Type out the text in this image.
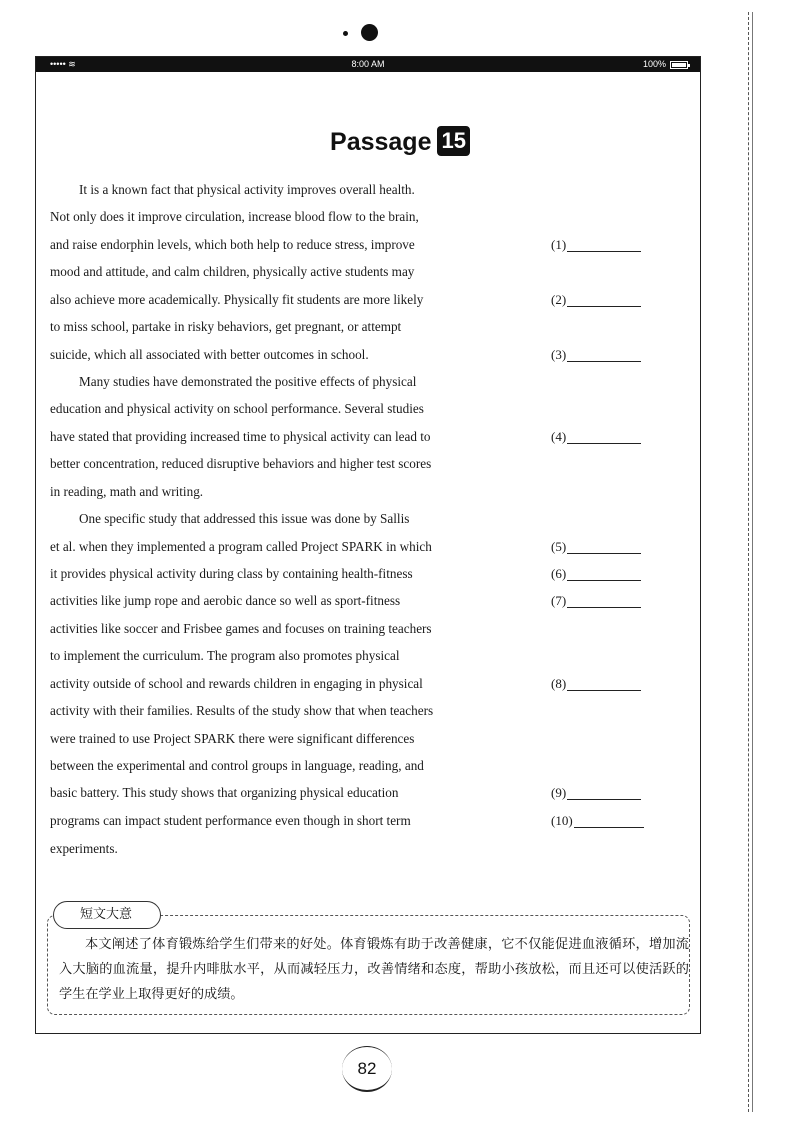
••••• ≋	8:00 AM	100%
Passage 15
It is a known fact that physical activity improves overall health.
Not only does it improve circulation, increase blood flow to the brain,
and raise endorphin levels, which both help to reduce stress, improve
mood and attitude, and calm children, physically active students may
also achieve more academically. Physically fit students are more likely
to miss school, partake in risky behaviors, get pregnant, or attempt
suicide, which all associated with better outcomes in school.
Many studies have demonstrated the positive effects of physical
education and physical activity on school performance. Several studies
have stated that providing increased time to physical activity can lead to
better concentration, reduced disruptive behaviors and higher test scores
in reading, math and writing.
One specific study that addressed this issue was done by Sallis
et al. when they implemented a program called Project SPARK in which
it provides physical activity during class by containing health-fitness
activities like jump rope and aerobic dance so well as sport-fitness
activities like soccer and Frisbee games and focuses on training teachers
to implement the curriculum. The program also promotes physical
activity outside of school and rewards children in engaging in physical
activity with their families. Results of the study show that when teachers
were trained to use Project SPARK there were significant differences
between the experimental and control groups in language, reading, and
basic battery. This study shows that organizing physical education
programs can impact student performance even though in short term
experiments.
(1)
(2)
(3)
(4)
(5)
(6)
(7)
(8)
(9)
(10)
短文大意
本文阐述了体育锻炼给学生们带来的好处。体育锻炼有助于改善健康，它不仅能促进血液循环，增加流入大脑的血流量，提升内啡肽水平，从而减轻压力，改善情绪和态度，帮助小孩放松，而且还可以使活跃的学生在学业上取得更好的成绩。
82
